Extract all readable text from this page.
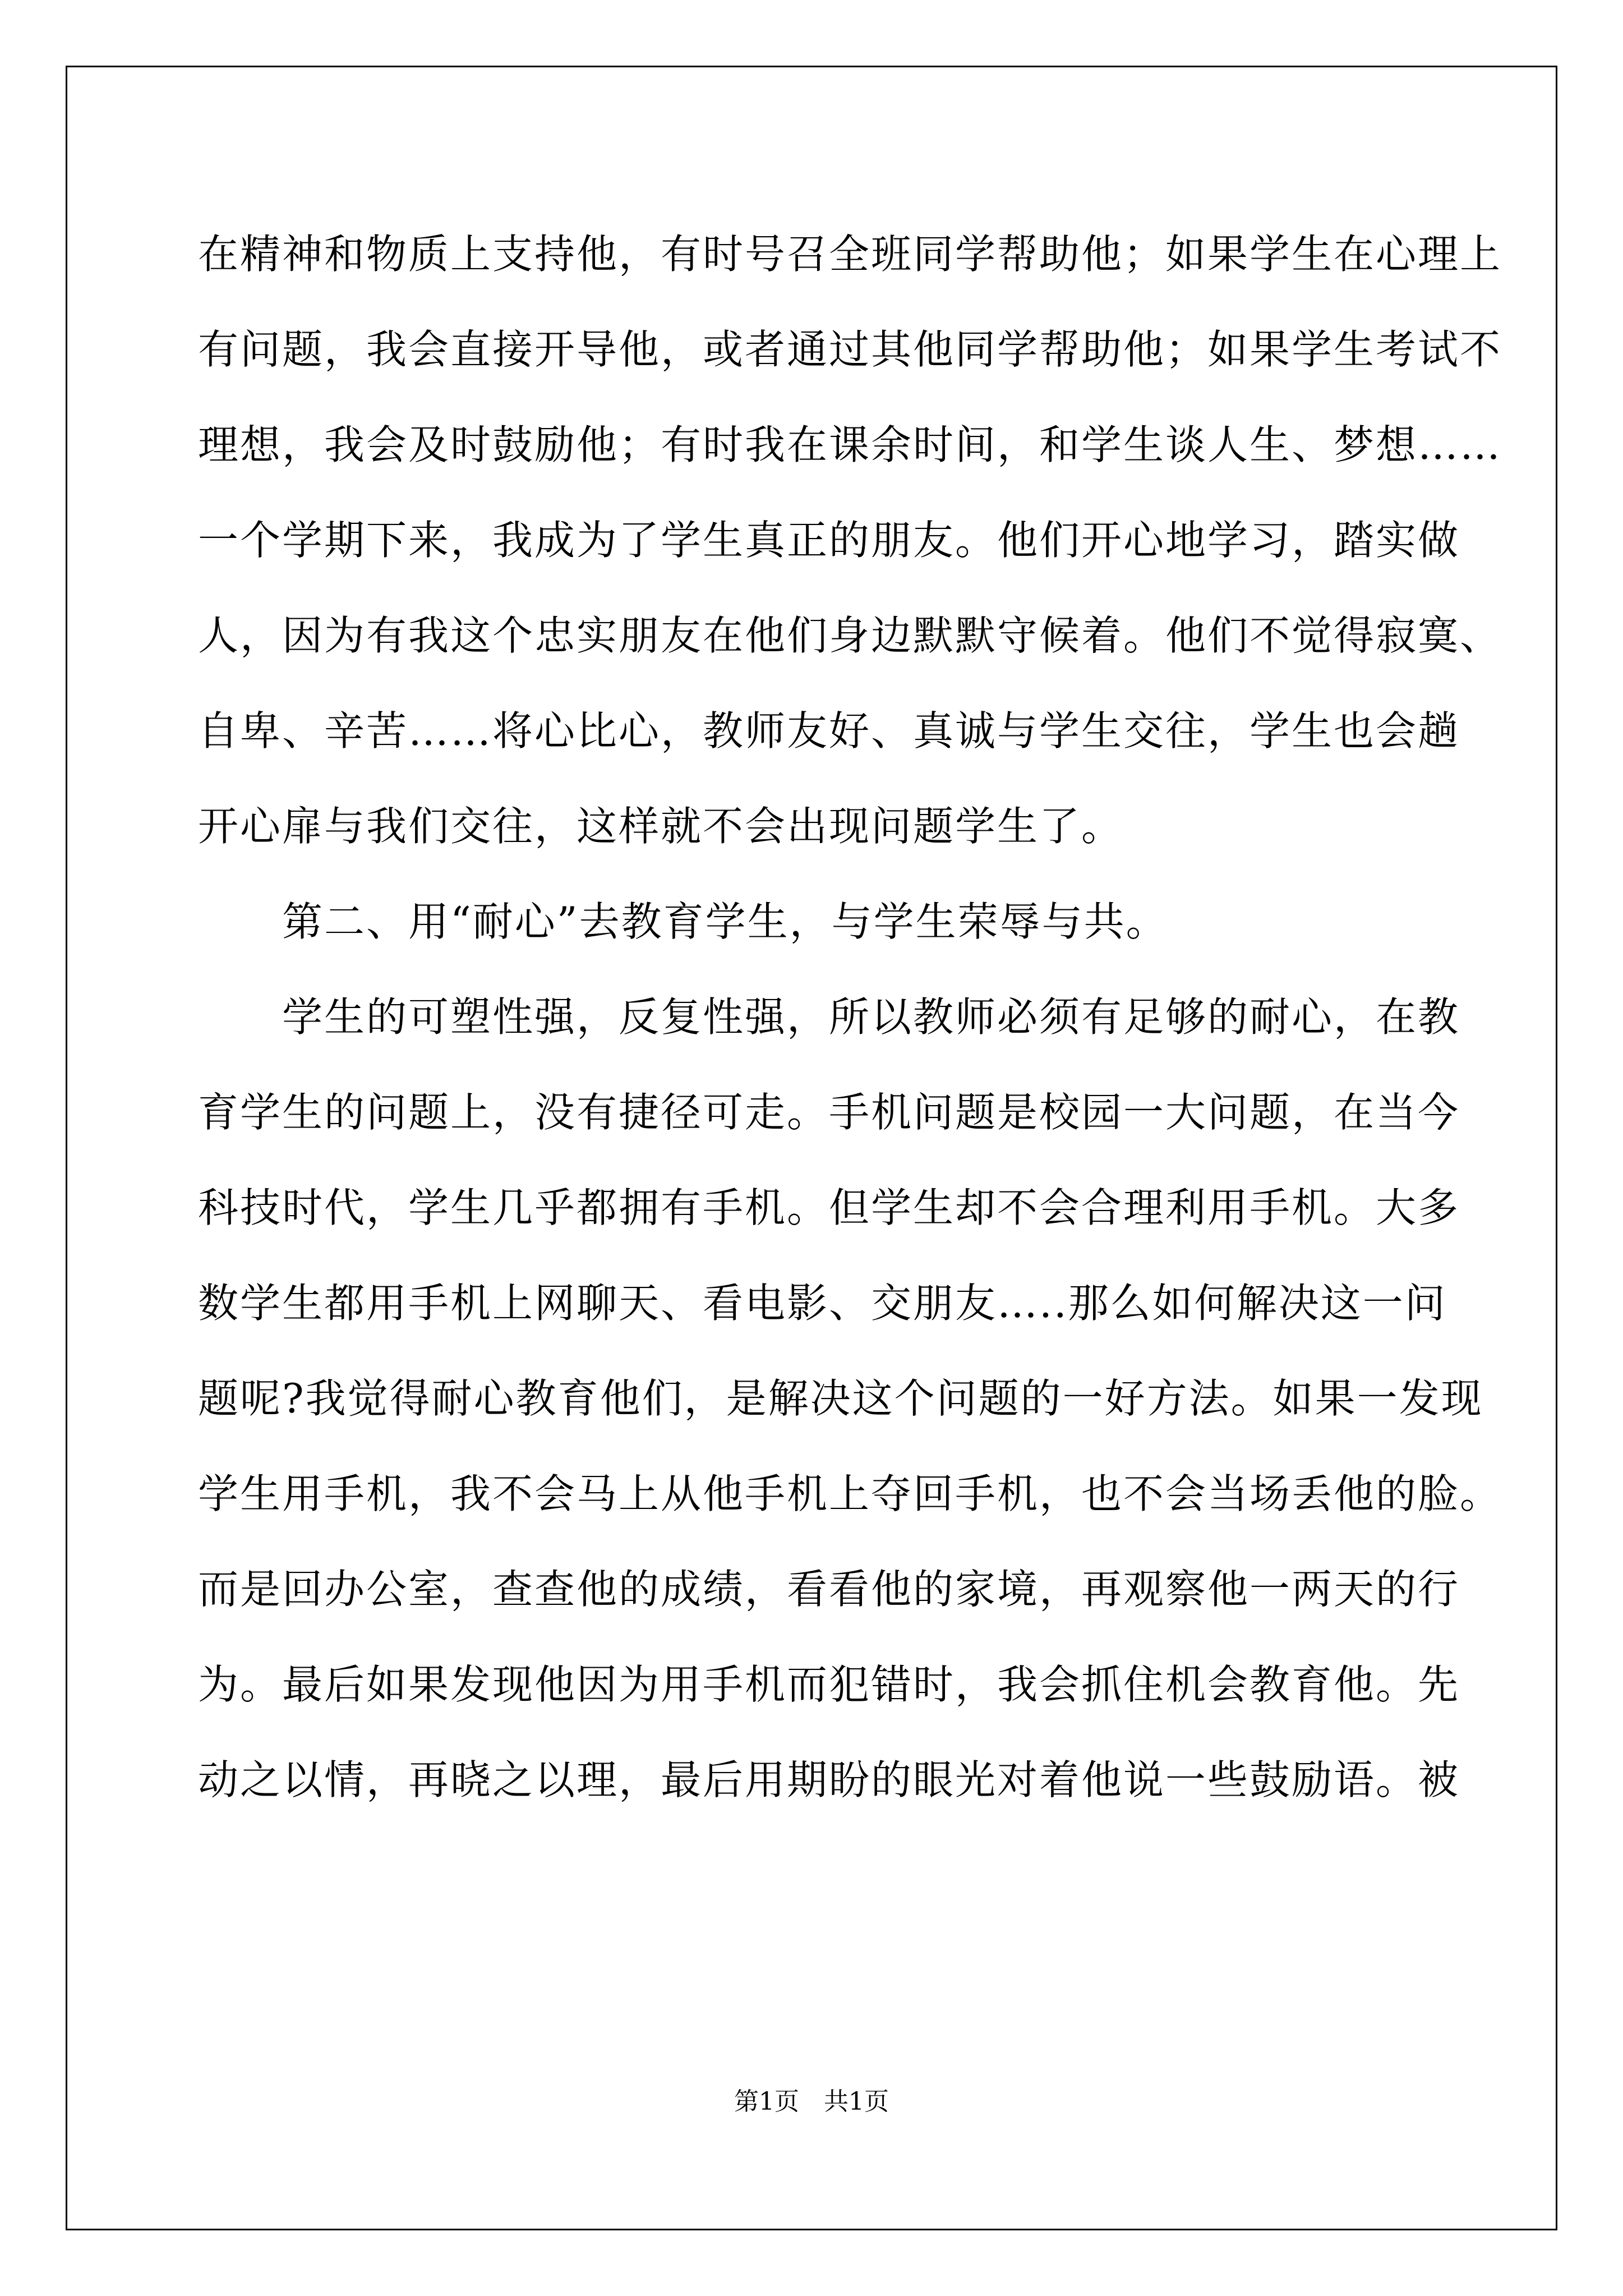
在精神和物质上支持他，有时号召全班同学帮助他；如果学生在心理上
有问题，我会直接开导他，或者通过其他同学帮助他；如果学生考试不
理想，我会及时鼓励他；有时我在课余时间，和学生谈人生、梦想……
一个学期下来，我成为了学生真正的朋友。他们开心地学习，踏实做
人，因为有我这个忠实朋友在他们身边默默守候着。他们不觉得寂寞、
自卑、辛苦……将心比心，教师友好、真诚与学生交往，学生也会趟
开心扉与我们交往，这样就不会出现问题学生了。
第二、用“耐心”去教育学生，与学生荣辱与共。
学生的可塑性强，反复性强，所以教师必须有足够的耐心，在教
育学生的问题上，没有捷径可走。手机问题是校园一大问题，在当今
科技时代，学生几乎都拥有手机。但学生却不会合理利用手机。大多
数学生都用手机上网聊天、看电影、交朋友…..那么如何解决这一问
题呢?我觉得耐心教育他们，是解决这个问题的一好方法。如果一发现
学生用手机，我不会马上从他手机上夺回手机，也不会当场丢他的脸。
而是回办公室，查查他的成绩，看看他的家境，再观察他一两天的行
为。最后如果发现他因为用手机而犯错时，我会抓住机会教育他。先
动之以情，再晓之以理，最后用期盼的眼光对着他说一些鼓励语。被
第1页　共1页
